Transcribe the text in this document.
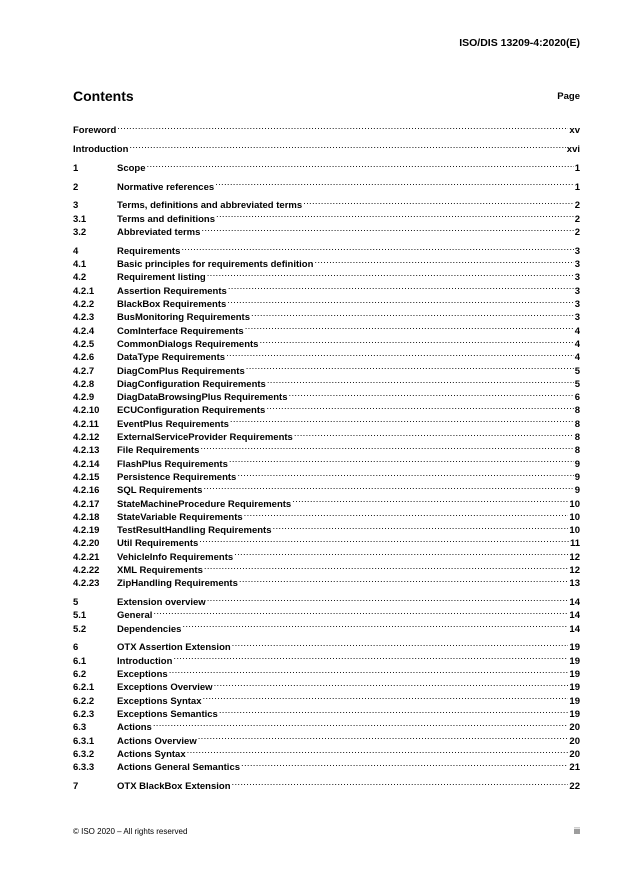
ISO/DIS 13209-4:2020(E)
Contents	Page
Foreword .....	xv
Introduction .....	xvi
1	Scope .....	1
2	Normative references .....	1
3	Terms, definitions and abbreviated terms .....	2
3.1	Terms and definitions .....	2
3.2	Abbreviated terms .....	2
4	Requirements .....	3
4.1	Basic principles for requirements definition .....	3
4.2	Requirement listing .....	3
4.2.1	Assertion Requirements .....	3
4.2.2	BlackBox Requirements .....	3
4.2.3	BusMonitoring Requirements .....	3
4.2.4	ComInterface Requirements .....	4
4.2.5	CommonDialogs Requirements .....	4
4.2.6	DataType Requirements .....	4
4.2.7	DiagComPlus Requirements .....	5
4.2.8	DiagConfiguration Requirements .....	5
4.2.9	DiagDataBrowsingPlus Requirements .....	6
4.2.10	ECUConfiguration Requirements .....	8
4.2.11	EventPlus Requirements .....	8
4.2.12	ExternalServiceProvider Requirements .....	8
4.2.13	File Requirements .....	8
4.2.14	FlashPlus Requirements .....	9
4.2.15	Persistence Requirements .....	9
4.2.16	SQL Requirements .....	9
4.2.17	StateMachineProcedure Requirements .....	10
4.2.18	StateVariable Requirements .....	10
4.2.19	TestResultHandling Requirements .....	10
4.2.20	Util Requirements .....	11
4.2.21	VehicleInfo Requirements .....	12
4.2.22	XML Requirements .....	12
4.2.23	ZipHandling Requirements .....	13
5	Extension overview .....	14
5.1	General .....	14
5.2	Dependencies .....	14
6	OTX Assertion Extension .....	19
6.1	Introduction .....	19
6.2	Exceptions .....	19
6.2.1	Exceptions Overview .....	19
6.2.2	Exceptions Syntax .....	19
6.2.3	Exceptions Semantics .....	19
6.3	Actions .....	20
6.3.1	Actions Overview .....	20
6.3.2	Actions Syntax .....	20
6.3.3	Actions General Semantics .....	21
7	OTX BlackBox Extension .....	22
© ISO 2020 – All rights reserved	iii
